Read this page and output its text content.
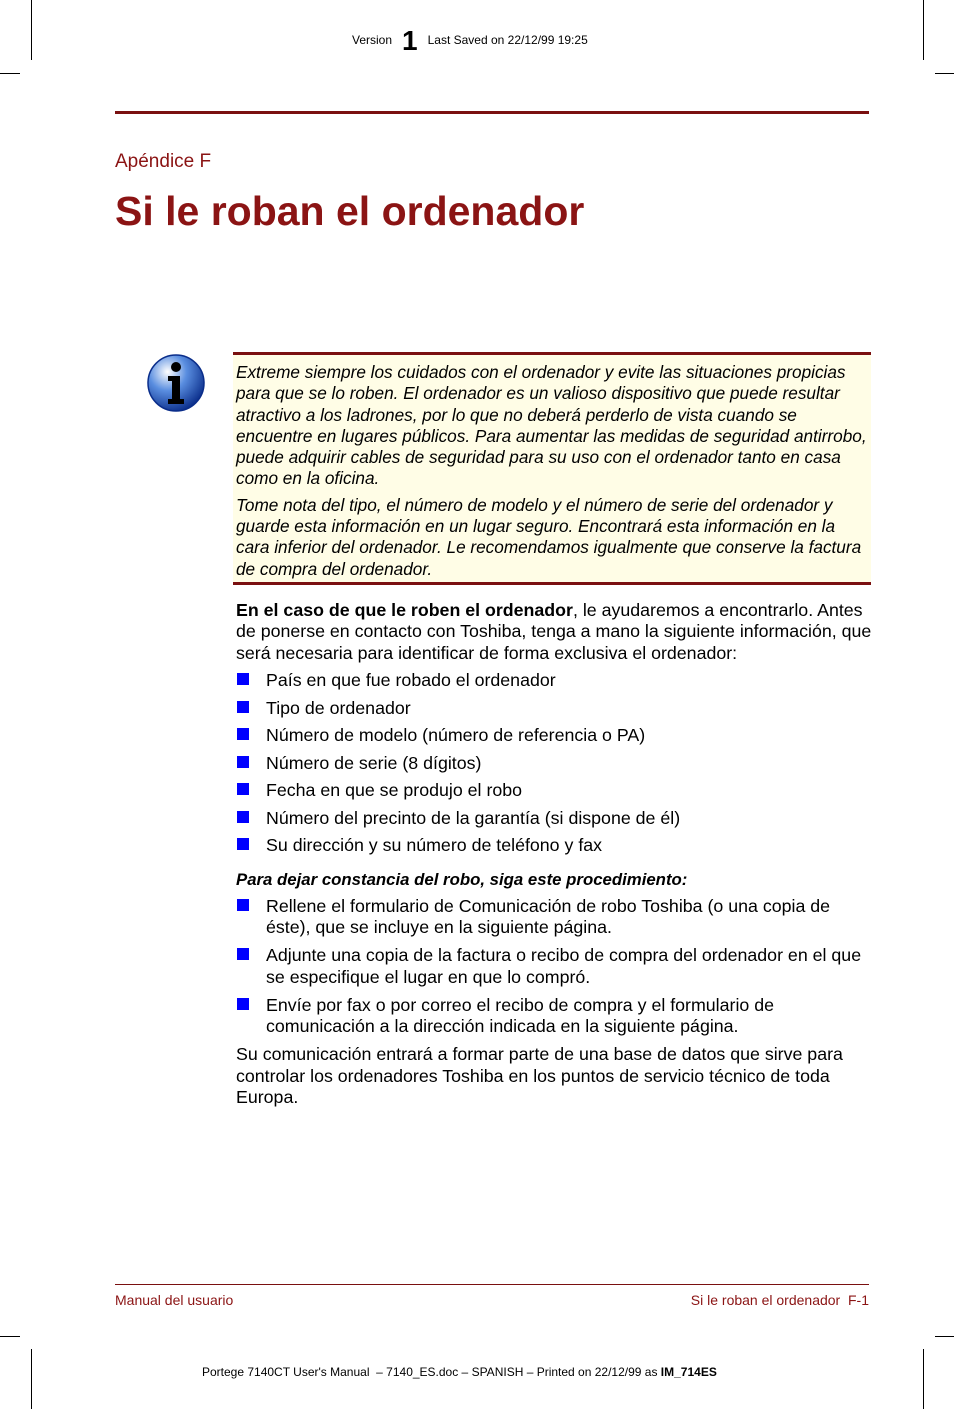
Version 1 Last Saved on 22/12/99 19:25
Apéndice F
Si le roban el ordenador

Extreme siempre los cuidados con el ordenador y evite las situaciones propicias para que se lo roben. El ordenador es un valioso dispositivo que puede resultar atractivo a los ladrones, por lo que no deberá perderlo de vista cuando se encuentre en lugares públicos. Para aumentar las medidas de seguridad antirrobo, puede adquirir cables de seguridad para su uso con el ordenador tanto en casa como en la oficina.

Tome nota del tipo, el número de modelo y el número de serie del ordenador y guarde esta información en un lugar seguro. Encontrará esta información en la cara inferior del ordenador. Le recomendamos igualmente que conserve la factura de compra del ordenador.

En el caso de que le roben el ordenador, le ayudaremos a encontrarlo. Antes de ponerse en contacto con Toshiba, tenga a mano la siguiente información, que será necesaria para identificar de forma exclusiva el ordenador:

País en que fue robado el ordenador
Tipo de ordenador
Número de modelo (número de referencia o PA)
Número de serie (8 dígitos)
Fecha en que se produjo el robo
Número del precinto de la garantía (si dispone de él)
Su dirección y su número de teléfono y fax

Para dejar constancia del robo, siga este procedimiento:

Rellene el formulario de Comunicación de robo Toshiba (o una copia de éste), que se incluye en la siguiente página.
Adjunte una copia de la factura o recibo de compra del ordenador en el que se especifique el lugar en que lo compró.
Envíe por fax o por correo el recibo de compra y el formulario de comunicación a la dirección indicada en la siguiente página.

Su comunicación entrará a formar parte de una base de datos que sirve para controlar los ordenadores Toshiba en los puntos de servicio técnico de toda Europa.

Manual del usuario	Si le roban el ordenador  F-1
Portege 7140CT User's Manual  – 7140_ES.doc – SPANISH – Printed on 22/12/99 as IM_714ES
